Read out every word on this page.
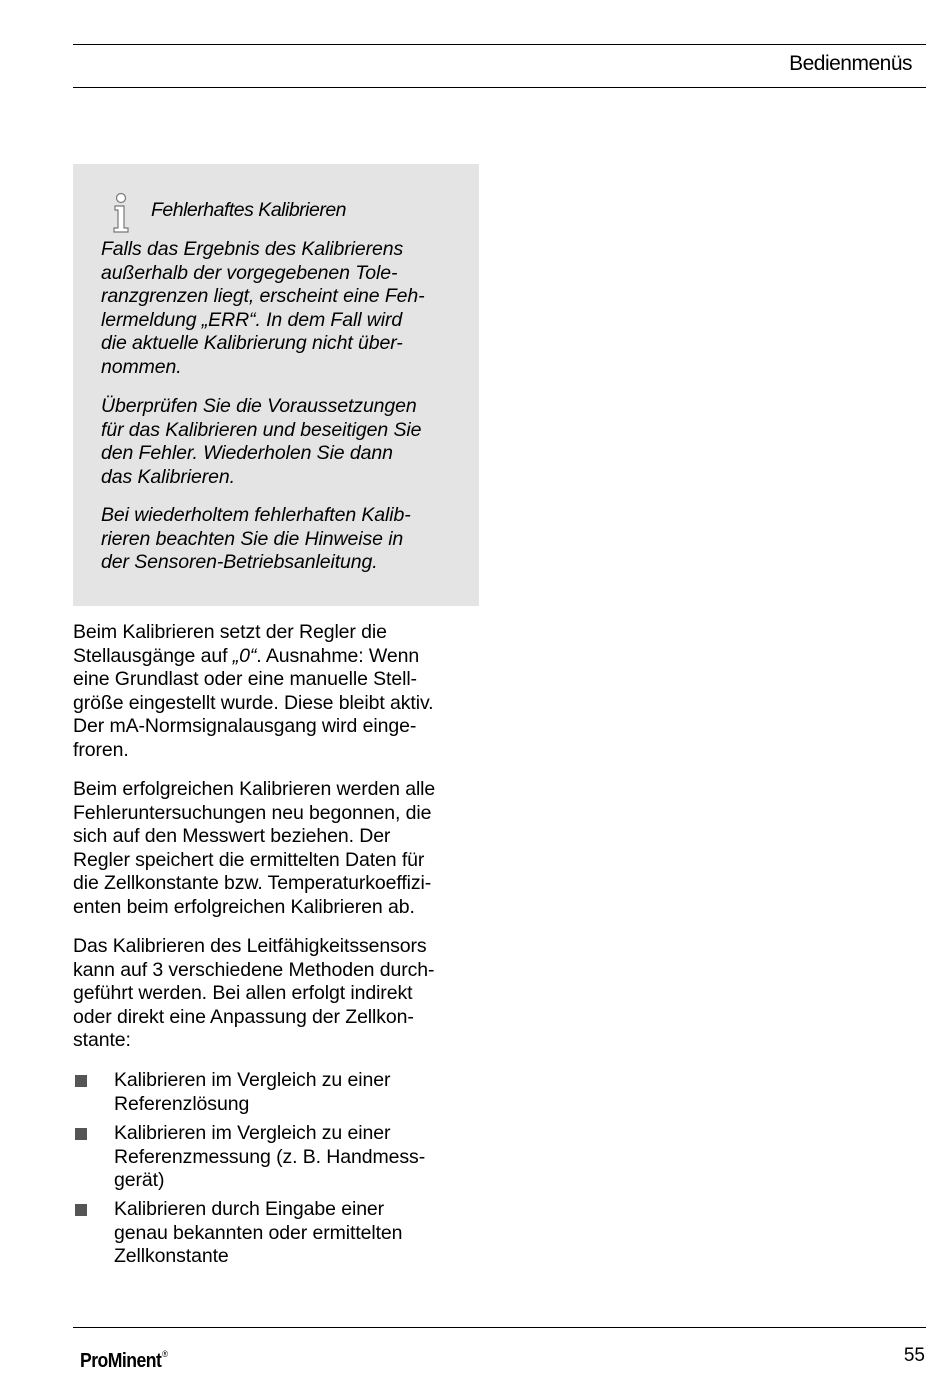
Bedienmenüs
Fehlerhaftes Kalibrieren
Falls das Ergebnis des Kalibrierens
außerhalb der vorgegebenen Tole-
ranzgrenzen liegt, erscheint eine Feh-
lermeldung „ERR“. In dem Fall wird
die aktuelle Kalibrierung nicht über-
nommen.
Überprüfen Sie die Voraussetzungen
für das Kalibrieren und beseitigen Sie
den Fehler. Wiederholen Sie dann
das Kalibrieren.
Bei wiederholtem fehlerhaften Kalib-
rieren beachten Sie die Hinweise in
der Sensoren-Betriebsanleitung.
Beim Kalibrieren setzt der Regler die
Stellausgänge auf „0“. Ausnahme: Wenn
eine Grundlast oder eine manuelle Stell-
größe eingestellt wurde. Diese bleibt aktiv.
Der mA-Normsignalausgang wird einge-
froren.
Beim erfolgreichen Kalibrieren werden alle
Fehleruntersuchungen neu begonnen, die
sich auf den Messwert beziehen. Der
Regler speichert die ermittelten Daten für
die Zellkonstante bzw. Temperaturkoeffizi-
enten beim erfolgreichen Kalibrieren ab.
Das Kalibrieren des Leitfähigkeitssensors
kann auf 3 verschiedene Methoden durch-
geführt werden. Bei allen erfolgt indirekt
oder direkt eine Anpassung der Zellkon-
stante:
Kalibrieren im Vergleich zu einer
Referenzlösung
Kalibrieren im Vergleich zu einer
Referenzmessung (z. B. Handmess-
gerät)
Kalibrieren durch Eingabe einer
genau bekannten oder ermittelten
Zellkonstante
ProMinent®	55
